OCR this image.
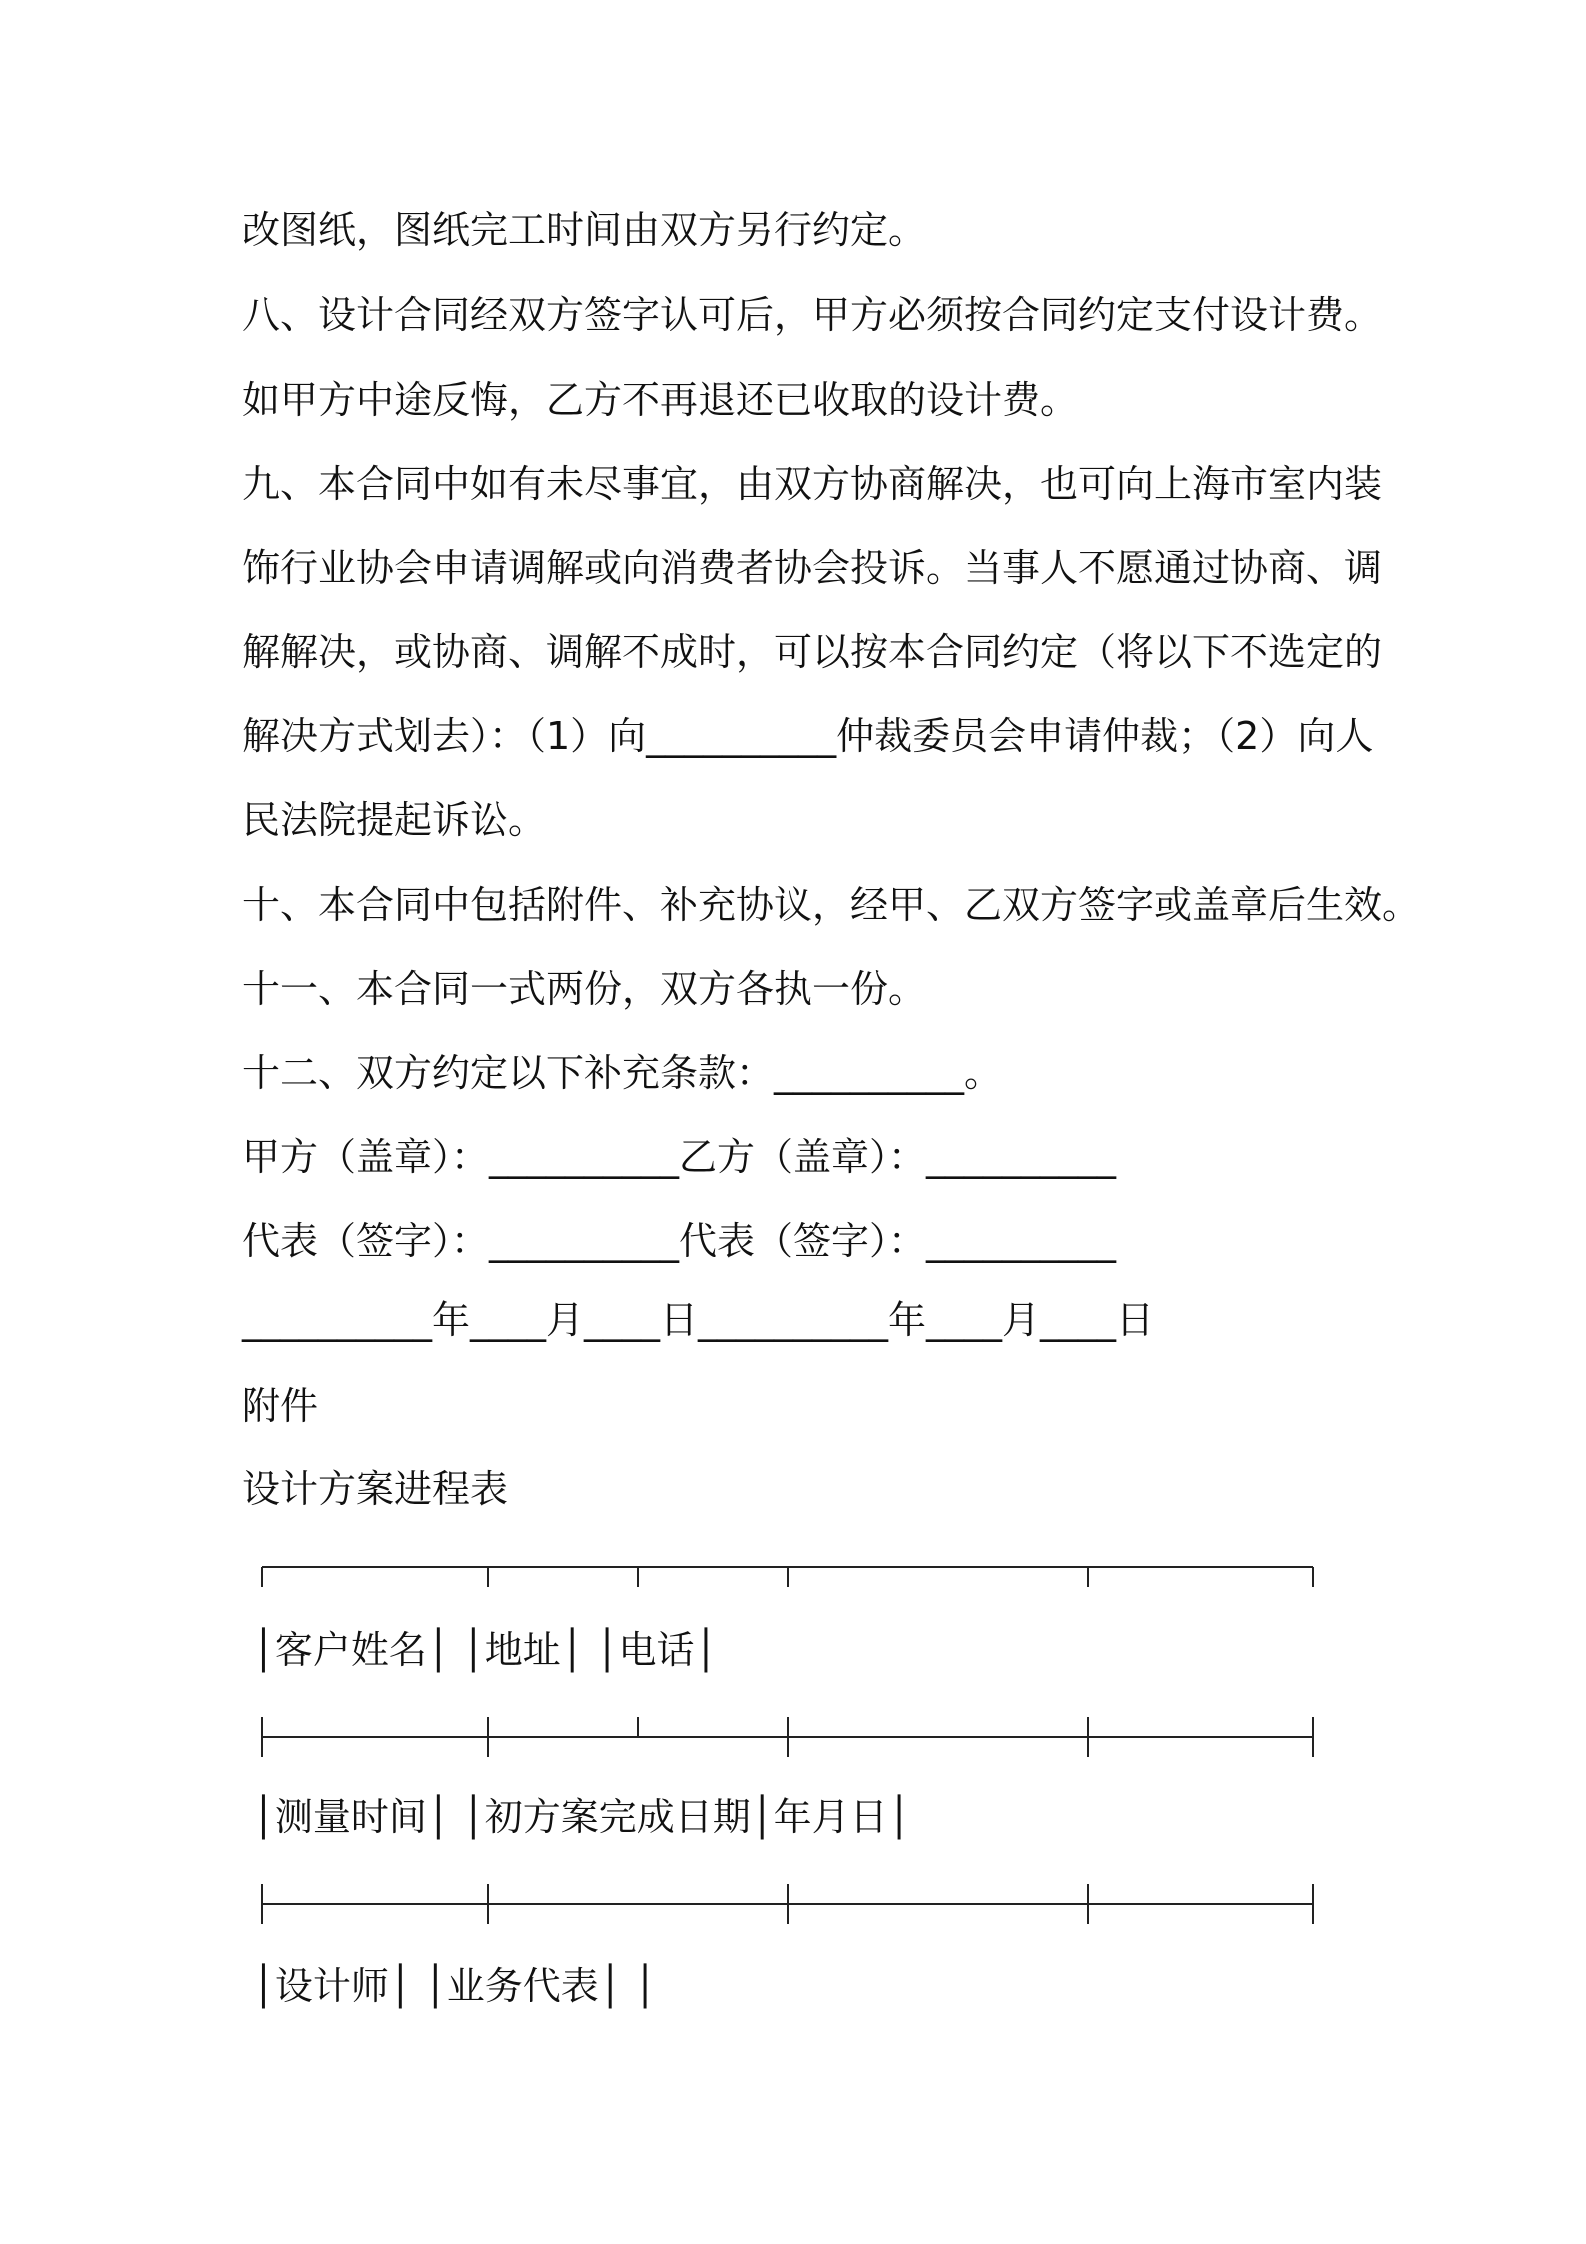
改图纸，图纸完工时间由双方另行约定。
八、设计合同经双方签字认可后，甲方必须按合同约定支付设计费。
如甲方中途反悔，乙方不再退还已收取的设计费。
九、本合同中如有未尽事宜，由双方协商解决，也可向上海市室内装
饰行业协会申请调解或向消费者协会投诉。当事人不愿通过协商、调
解解决，或协商、调解不成时，可以按本合同约定（将以下不选定的
解决方式划去）：（1）向__________仲裁委员会申请仲裁；（2）向人
民法院提起诉讼。
十、本合同中包括附件、补充协议，经甲、乙双方签字或盖章后生效。
十一、本合同一式两份，双方各执一份。
十二、双方约定以下补充条款：__________。
甲方（盖章）：__________乙方（盖章）：__________
代表（签字）：__________代表（签字）：__________
__________年____月____日__________年____月____日
附件
设计方案进程表
│客户姓名│ │地址│ │电话│
│测量时间│ │初方案完成日期│年月日│
│设计师│ │业务代表│ │
